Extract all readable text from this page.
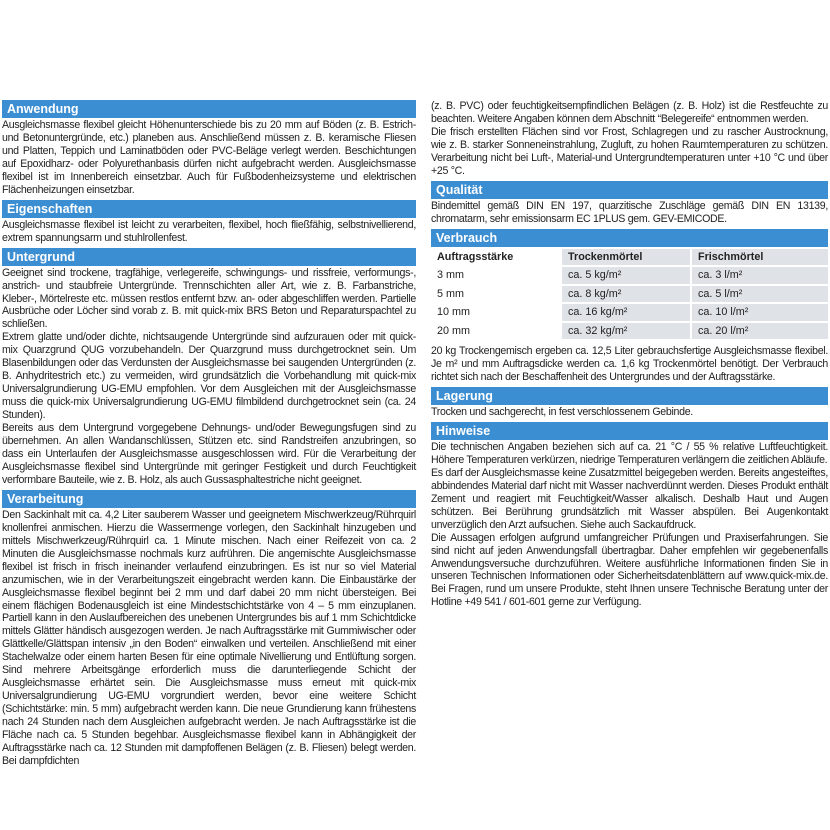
Anwendung
Ausgleichsmasse flexibel gleicht Höhenunterschiede bis zu 20 mm auf Böden (z. B. Estrich- und Betonuntergründe, etc.) planeben aus. Anschließend müssen z. B. keramische Fliesen und Platten, Teppich und Laminatböden oder PVC-Beläge verlegt werden. Beschichtungen auf Epoxidharz- oder Polyurethanbasis dürfen nicht aufgebracht werden. Ausgleichsmasse flexibel ist im Innenbereich einsetzbar. Auch für Fußbodenheizsysteme und elektrischen Flächenheizungen einsetzbar.
Eigenschaften
Ausgleichsmasse flexibel ist leicht zu verarbeiten, flexibel, hoch fließfähig, selbstnivellierend, extrem spannungsarm und stuhlrollenfest.
Untergrund
Geeignet sind trockene, tragfähige, verlegereife, schwingungs- und rissfreie, verformungs-, anstrich- und staubfreie Untergründe. Trennschichten aller Art, wie z. B. Farbanstriche, Kleber-, Mörtelreste etc. müssen restlos entfernt bzw. an- oder abgeschliffen werden. Partielle Ausbrüche oder Löcher sind vorab z. B. mit quick-mix BRS Beton und Reparaturspachtel zu schließen.
Extrem glatte und/oder dichte, nichtsaugende Untergründe sind aufzurauen oder mit quick-mix Quarzgrund QUG vorzubehandeln. Der Quarzgrund muss durchgetrocknet sein. Um Blasenbildungen oder das Verdunsten der Ausgleichsmasse bei saugenden Untergründen (z. B. Anhydritestrich etc.) zu vermeiden, wird grundsätzlich die Vorbehandlung mit quick-mix Universalgrundierung UG-EMU empfohlen. Vor dem Ausgleichen mit der Ausgleichsmasse muss die quick-mix Universalgrundierung UG-EMU filmbildend durchgetrocknet sein (ca. 24 Stunden).
Bereits aus dem Untergrund vorgegebene Dehnungs- und/oder Bewegungsfugen sind zu übernehmen. An allen Wandanschlüssen, Stützen etc. sind Randstreifen anzubringen, so dass ein Unterlaufen der Ausgleichsmasse ausgeschlossen wird. Für die Verarbeitung der Ausgleichsmasse flexibel sind Untergründe mit geringer Festigkeit und durch Feuchtigkeit verformbare Bauteile, wie z. B. Holz, als auch Gussasphaltestriche nicht geeignet.
Verarbeitung
Den Sackinhalt mit ca. 4,2 Liter sauberem Wasser und geeignetem Mischwerkzeug/Rührquirl knollenfrei anmischen. Hierzu die Wassermenge vorlegen, den Sackinhalt hinzugeben und mittels Mischwerkzeug/Rührquirl ca. 1 Minute mischen. Nach einer Reifezeit von ca. 2 Minuten die Ausgleichsmasse nochmals kurz aufrühren. Die angemischte Ausgleichsmasse flexibel ist frisch in frisch ineinander verlaufend einzubringen. Es ist nur so viel Material anzumischen, wie in der Verarbeitungszeit eingebracht werden kann. Die Einbaustärke der Ausgleichsmasse flexibel beginnt bei 2 mm und darf dabei 20 mm nicht übersteigen. Bei einem flächigen Bodenausgleich ist eine Mindestschichtstärke von 4 – 5 mm einzuplanen. Partiell kann in den Auslaufbereichen des unebenen Untergrundes bis auf 1 mm Schichtdicke mittels Glätter händisch ausgezogen werden. Je nach Auftragsstärke mit Gummiwischer oder Glättkelle/Glättspan intensiv „in den Boden“ einwalken und verteilen. Anschließend mit einer Stachelwalze oder einem harten Besen für eine optimale Nivellierung und Entlüftung sorgen. Sind mehrere Arbeitsgänge erforderlich muss die darunterliegende Schicht der Ausgleichsmasse erhärtet sein. Die Ausgleichsmasse muss erneut mit quick-mix Universalgrundierung UG-EMU vorgrundiert werden, bevor eine weitere Schicht (Schichtstärke: min. 5 mm) aufgebracht werden kann. Die neue Grundierung kann frühestens nach 24 Stunden nach dem Ausgleichen aufgebracht werden. Je nach Auftragsstärke ist die Fläche nach ca. 5 Stunden begehbar. Ausgleichsmasse flexibel kann in Abhängigkeit der Auftragsstärke nach ca. 12 Stunden mit dampfoffenen Belägen (z. B. Fliesen) belegt werden. Bei dampfdichten
(z. B. PVC) oder feuchtigkeitsempfindlichen Belägen (z. B. Holz) ist die Restfeuchte zu beachten. Weitere Angaben können dem Abschnitt “Belegereife“ entnommen werden.
Die frisch erstellten Flächen sind vor Frost, Schlagregen und zu rascher Austrocknung, wie z. B. starker Sonneneinstrahlung, Zugluft, zu hohen Raumtemperaturen zu schützen. Verarbeitung nicht bei Luft-, Material-und Untergrundtemperaturen unter +10 °C und über +25 °C.
Qualität
Bindemittel gemäß DIN EN 197, quarzitische Zuschläge gemäß DIN EN 13139, chromatarm, sehr emissionsarm EC 1PLUS gem. GEV-EMICODE.
Verbrauch
Auftragsstärke	Trockenmörtel	Frischmörtel
3 mm	ca. 5 kg/m²	ca. 3 l/m²
5 mm	ca. 8 kg/m²	ca. 5 l/m²
10 mm	ca. 16 kg/m²	ca. 10 l/m²
20 mm	ca. 32 kg/m²	ca. 20 l/m²
20 kg Trockengemisch ergeben ca. 12,5 Liter gebrauchsfertige Ausgleichsmasse flexibel. Je m² und mm Auftragsdicke werden ca. 1,6 kg Trockenmörtel benötigt. Der Verbrauch richtet sich nach der Beschaffenheit des Untergrundes und der Auftragsstärke.
Lagerung
Trocken und sachgerecht, in fest verschlossenem Gebinde.
Hinweise
Die technischen Angaben beziehen sich auf ca. 21 °C / 55 % relative Luftfeuchtigkeit. Höhere Temperaturen verkürzen, niedrige Temperaturen verlängern die zeitlichen Abläufe.
Es darf der Ausgleichsmasse keine Zusatzmittel beigegeben werden. Bereits angesteiftes, abbindendes Material darf nicht mit Wasser nachverdünnt werden. Dieses Produkt enthält Zement und reagiert mit Feuchtigkeit/Wasser alkalisch. Deshalb Haut und Augen schützen. Bei Berührung grundsätzlich mit Wasser abspülen. Bei Augenkontakt unverzüglich den Arzt aufsuchen. Siehe auch Sackaufdruck.
Die Aussagen erfolgen aufgrund umfangreicher Prüfungen und Praxiserfahrungen. Sie sind nicht auf jeden Anwendungsfall übertragbar. Daher empfehlen wir gegebenenfalls Anwendungsversuche durchzuführen. Weitere ausführliche Informationen finden Sie in unseren Technischen Informationen oder Sicherheitsdatenblättern auf www.quick-mix.de. Bei Fragen, rund um unsere Produkte, steht Ihnen unsere Technische Beratung unter der Hotline +49 541 / 601-601 gerne zur Verfügung.
